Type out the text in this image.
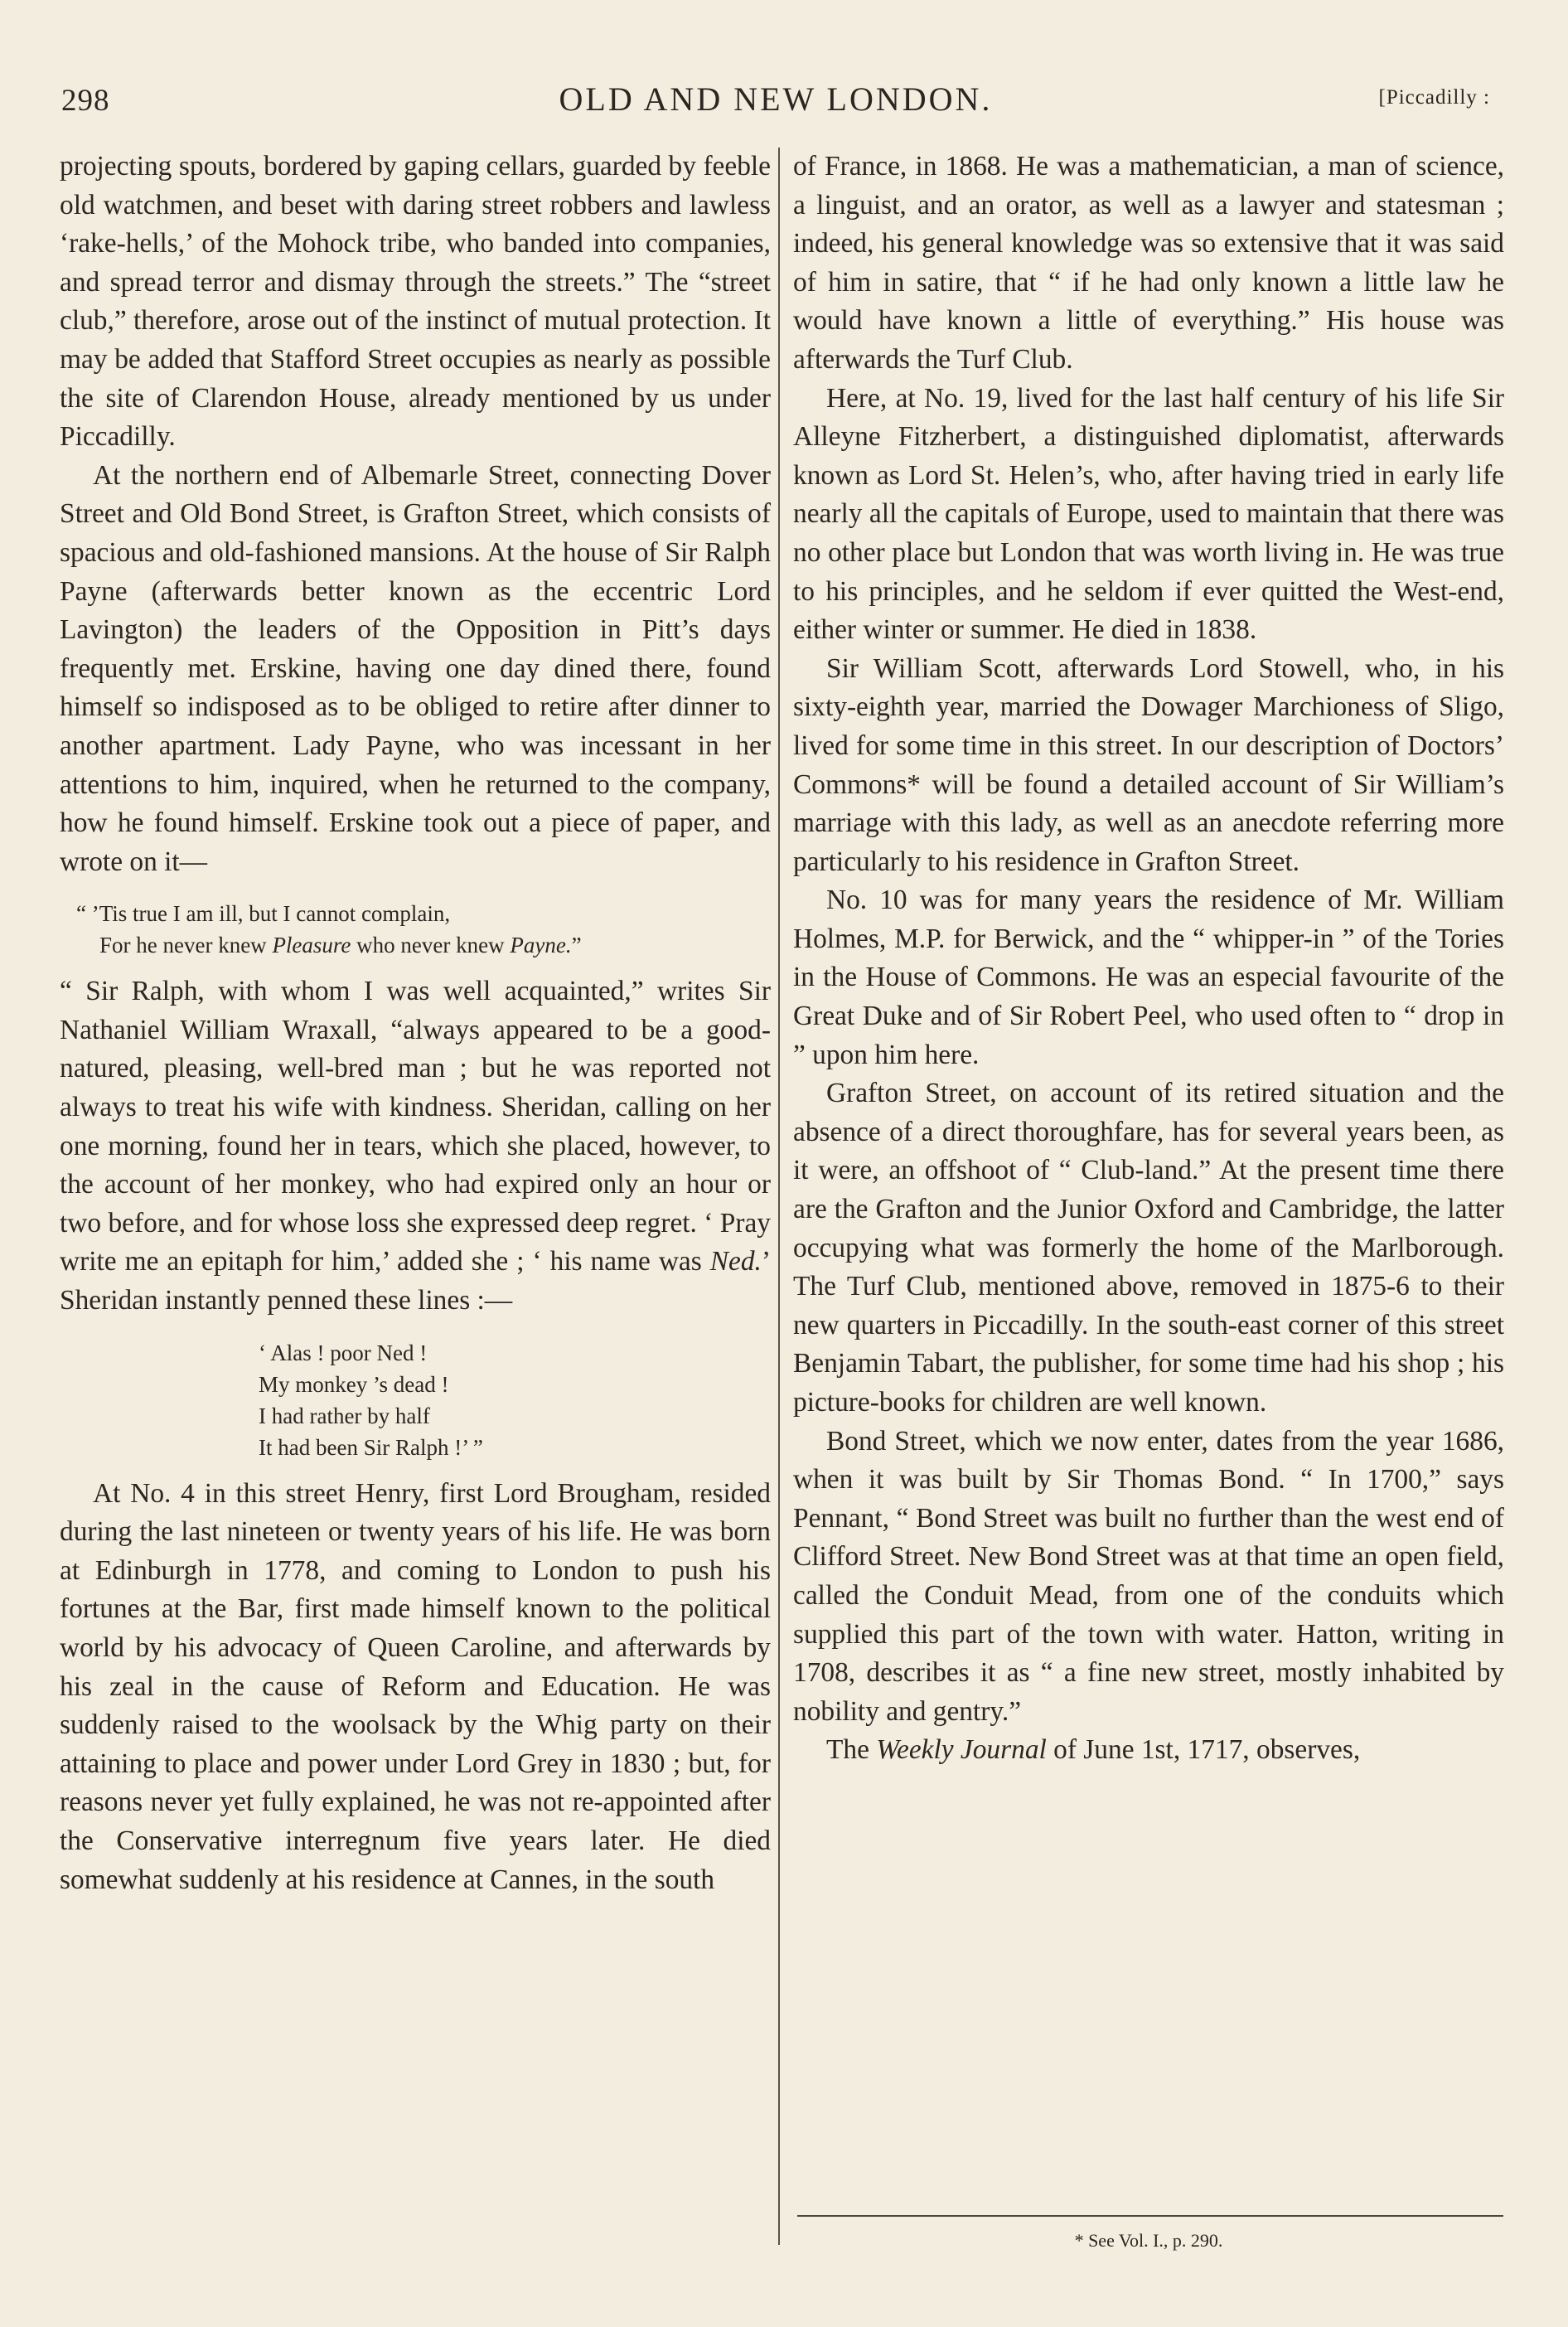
298	OLD AND NEW LONDON.	[Piccadilly :

projecting spouts, bordered by gaping cellars, guarded by feeble old watchmen, and beset with daring street robbers and lawless ‘rake-hells,’ of the Mohock tribe, who banded into companies, and spread terror and dismay through the streets.” The “street club,” therefore, arose out of the instinct of mutual protection. It may be added that Stafford Street occupies as nearly as possible the site of Clarendon House, already mentioned by us under Piccadilly.

At the northern end of Albemarle Street, connecting Dover Street and Old Bond Street, is Grafton Street, which consists of spacious and old-fashioned mansions. At the house of Sir Ralph Payne (afterwards better known as the eccentric Lord Lavington) the leaders of the Opposition in Pitt’s days frequently met. Erskine, having one day dined there, found himself so indisposed as to be obliged to retire after dinner to another apartment. Lady Payne, who was incessant in her attentions to him, inquired, when he returned to the company, how he found himself. Erskine took out a piece of paper, and wrote on it—

“ ’Tis true I am ill, but I cannot complain,
For he never knew Pleasure who never knew Payne.”

“ Sir Ralph, with whom I was well acquainted,” writes Sir Nathaniel William Wraxall, “always appeared to be a good-natured, pleasing, well-bred man ; but he was reported not always to treat his wife with kindness. Sheridan, calling on her one morning, found her in tears, which she placed, however, to the account of her monkey, who had expired only an hour or two before, and for whose loss she expressed deep regret. ‘ Pray write me an epitaph for him,’ added she ; ‘ his name was Ned.’ Sheridan instantly penned these lines :—

‘ Alas ! poor Ned !
My monkey ’s dead !
I had rather by half
It had been Sir Ralph !’ ”

At No. 4 in this street Henry, first Lord Brougham, resided during the last nineteen or twenty years of his life. He was born at Edinburgh in 1778, and coming to London to push his fortunes at the Bar, first made himself known to the political world by his advocacy of Queen Caroline, and afterwards by his zeal in the cause of Reform and Education. He was suddenly raised to the woolsack by the Whig party on their attaining to place and power under Lord Grey in 1830 ; but, for reasons never yet fully explained, he was not re-appointed after the Conservative interregnum five years later. He died somewhat suddenly at his residence at Cannes, in the south

of France, in 1868. He was a mathematician, a man of science, a linguist, and an orator, as well as a lawyer and statesman ; indeed, his general knowledge was so extensive that it was said of him in satire, that “ if he had only known a little law he would have known a little of everything.” His house was afterwards the Turf Club.

Here, at No. 19, lived for the last half century of his life Sir Alleyne Fitzherbert, a distinguished diplomatist, afterwards known as Lord St. Helen’s, who, after having tried in early life nearly all the capitals of Europe, used to maintain that there was no other place but London that was worth living in. He was true to his principles, and he seldom if ever quitted the West-end, either winter or summer. He died in 1838.

Sir William Scott, afterwards Lord Stowell, who, in his sixty-eighth year, married the Dowager Marchioness of Sligo, lived for some time in this street. In our description of Doctors’ Commons* will be found a detailed account of Sir William’s marriage with this lady, as well as an anecdote referring more particularly to his residence in Grafton Street.

No. 10 was for many years the residence of Mr. William Holmes, M.P. for Berwick, and the “ whipper-in ” of the Tories in the House of Commons. He was an especial favourite of the Great Duke and of Sir Robert Peel, who used often to “ drop in ” upon him here.

Grafton Street, on account of its retired situation and the absence of a direct thoroughfare, has for several years been, as it were, an offshoot of “ Club-land.” At the present time there are the Grafton and the Junior Oxford and Cambridge, the latter occupying what was formerly the home of the Marlborough. The Turf Club, mentioned above, removed in 1875-6 to their new quarters in Piccadilly. In the south-east corner of this street Benjamin Tabart, the publisher, for some time had his shop ; his picture-books for children are well known.

Bond Street, which we now enter, dates from the year 1686, when it was built by Sir Thomas Bond. “ In 1700,” says Pennant, “ Bond Street was built no further than the west end of Clifford Street. New Bond Street was at that time an open field, called the Conduit Mead, from one of the conduits which supplied this part of the town with water. Hatton, writing in 1708, describes it as “ a fine new street, mostly inhabited by nobility and gentry.”

The Weekly Journal of June 1st, 1717, observes,

* See Vol. I., p. 290.
